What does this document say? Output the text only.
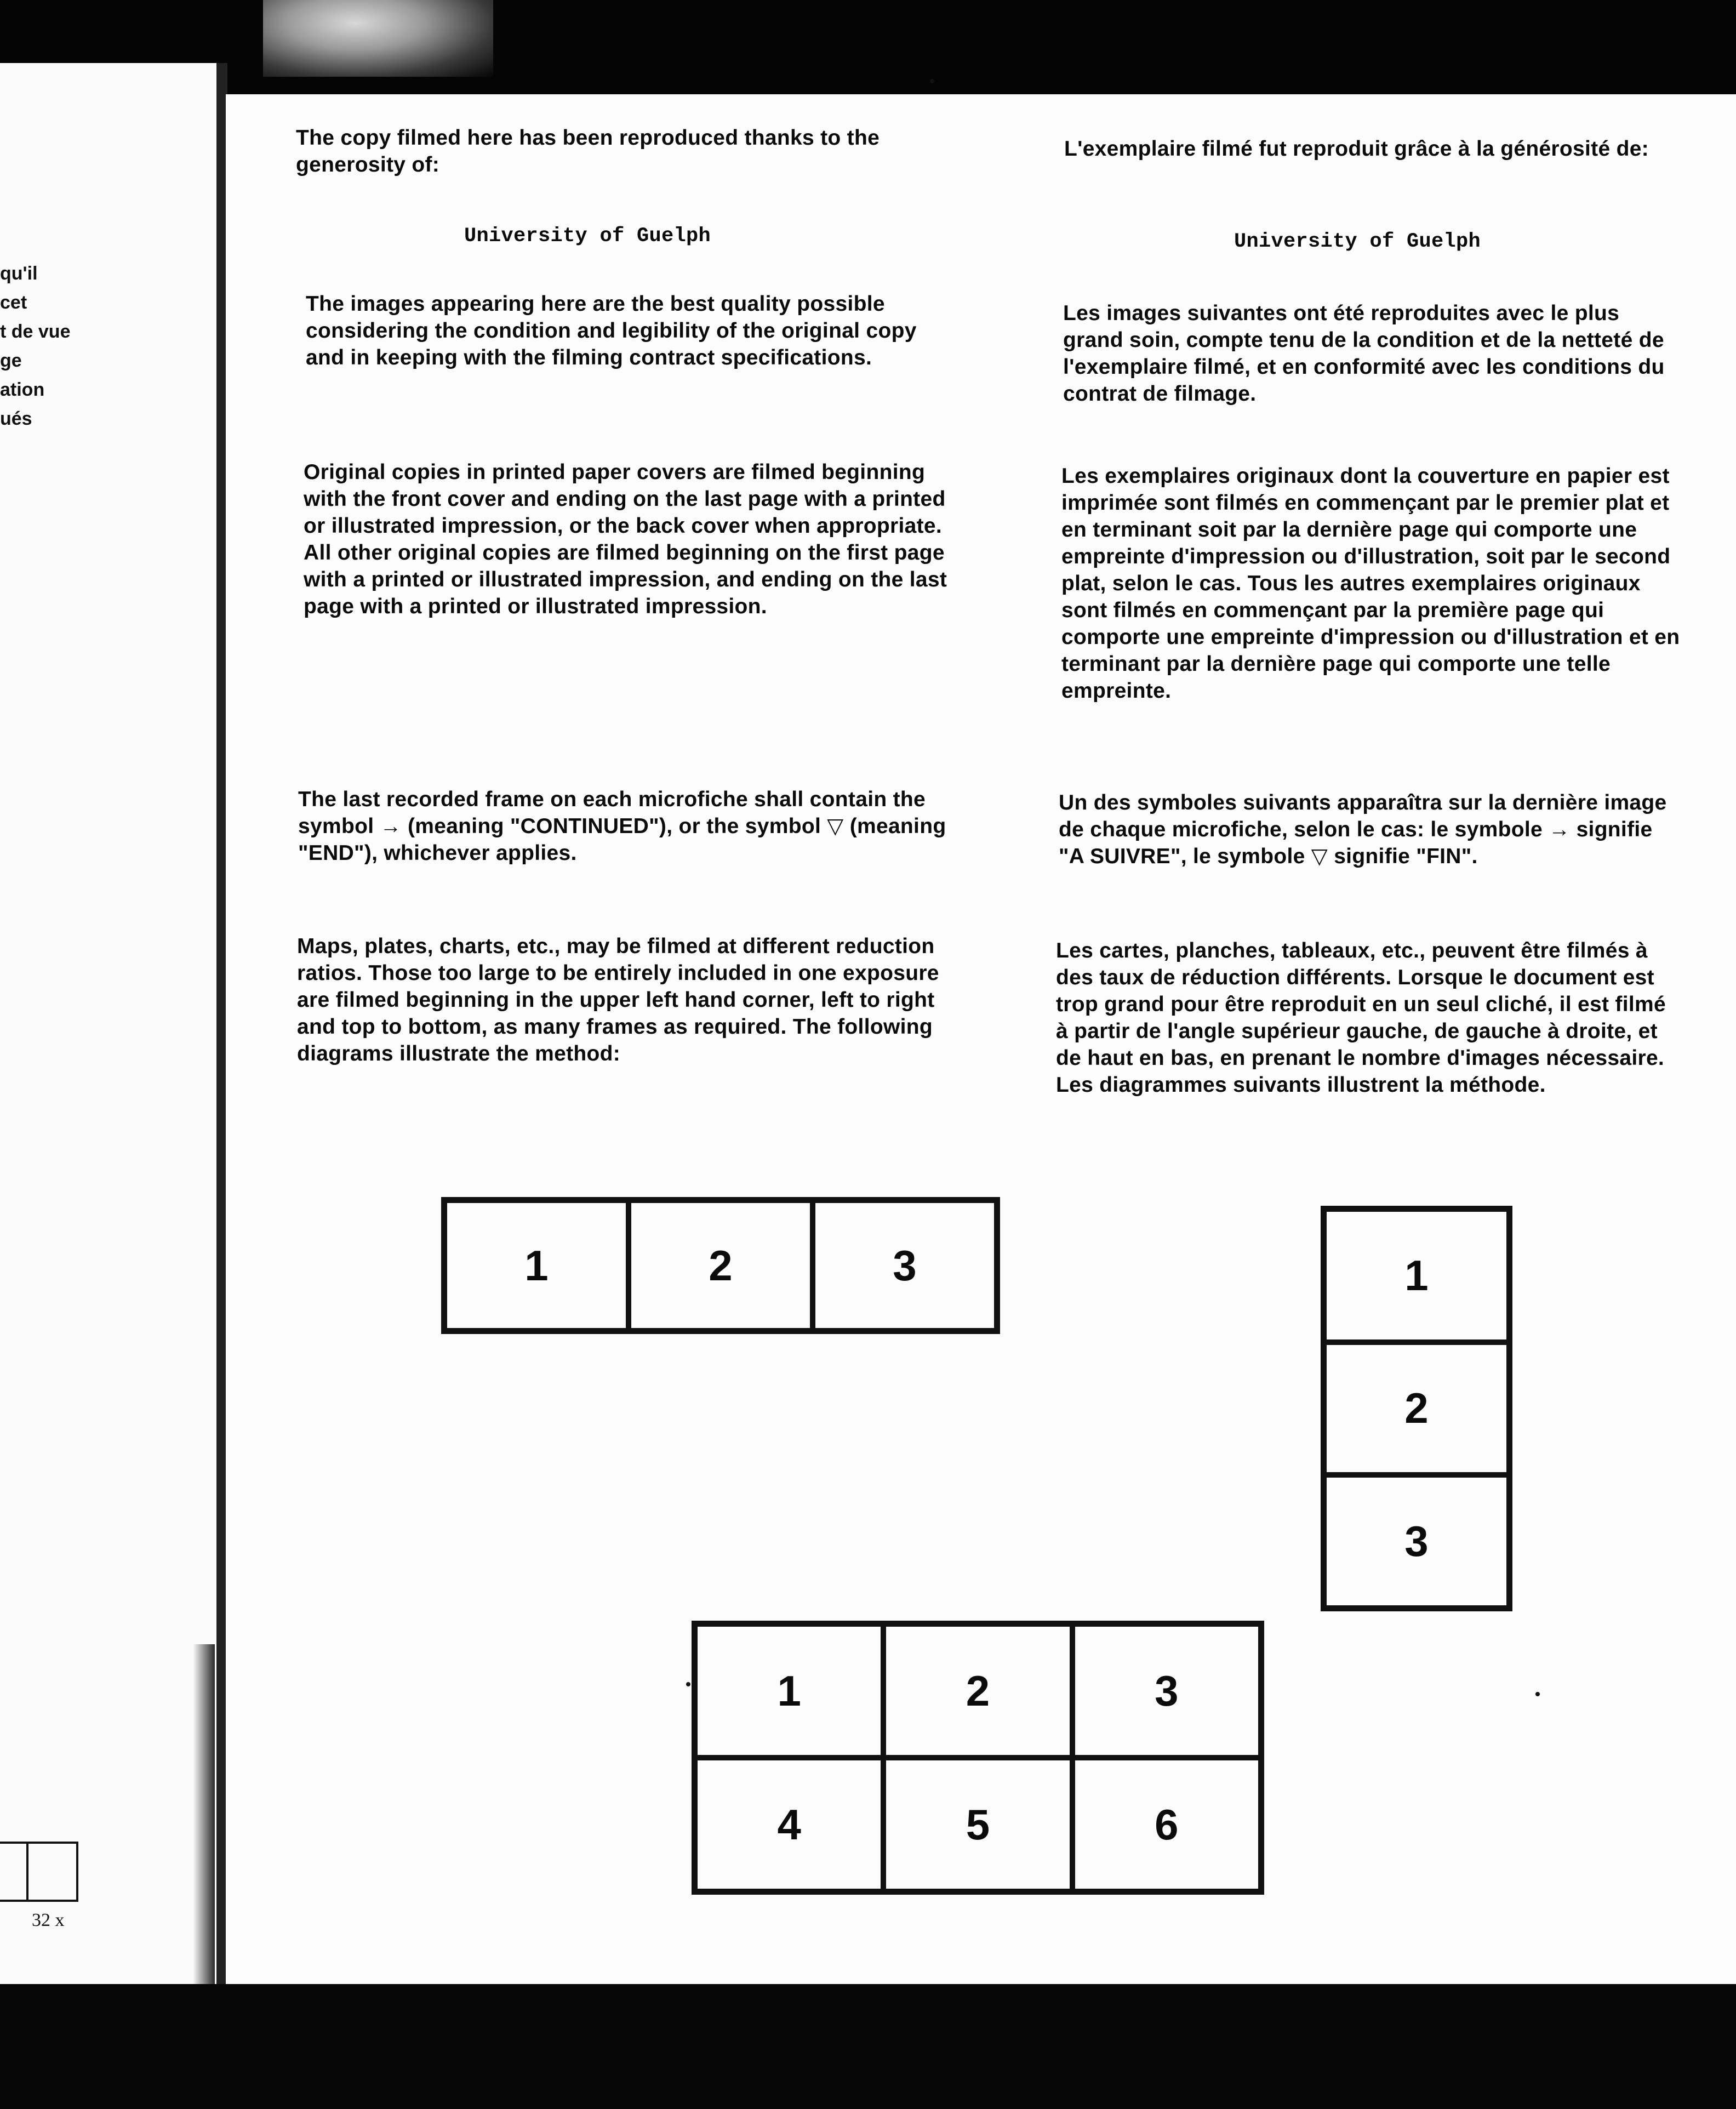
qu'il
cet
t de vue
ge
ation
ués
32 x

The copy filmed here has been reproduced thanks to the generosity of:

University of Guelph

The images appearing here are the best quality possible considering the condition and legibility of the original copy and in keeping with the filming contract specifications.

Original copies in printed paper covers are filmed beginning with the front cover and ending on the last page with a printed or illustrated impression, or the back cover when appropriate. All other original copies are filmed beginning on the first page with a printed or illustrated impression, and ending on the last page with a printed or illustrated impression.

The last recorded frame on each microfiche shall contain the symbol → (meaning "CONTINUED"), or the symbol ▽ (meaning "END"), whichever applies.

Maps, plates, charts, etc., may be filmed at different reduction ratios. Those too large to be entirely included in one exposure are filmed beginning in the upper left hand corner, left to right and top to bottom, as many frames as required. The following diagrams illustrate the method:

L'exemplaire filmé fut reproduit grâce à la générosité de:

University of Guelph

Les images suivantes ont été reproduites avec le plus grand soin, compte tenu de la condition et de la netteté de l'exemplaire filmé, et en conformité avec les conditions du contrat de filmage.

Les exemplaires originaux dont la couverture en papier est imprimée sont filmés en commençant par le premier plat et en terminant soit par la dernière page qui comporte une empreinte d'impression ou d'illustration, soit par le second plat, selon le cas. Tous les autres exemplaires originaux sont filmés en commençant par la première page qui comporte une empreinte d'impression ou d'illustration et en terminant par la dernière page qui comporte une telle empreinte.

Un des symboles suivants apparaîtra sur la dernière image de chaque microfiche, selon le cas: le symbole → signifie "A SUIVRE", le symbole ▽ signifie "FIN".

Les cartes, planches, tableaux, etc., peuvent être filmés à des taux de réduction différents. Lorsque le document est trop grand pour être reproduit en un seul cliché, il est filmé à partir de l'angle supérieur gauche, de gauche à droite, et de haut en bas, en prenant le nombre d'images nécessaire. Les diagrammes suivants illustrent la méthode.

1	2	3	1
2
3
1	2	3
4	5	6
